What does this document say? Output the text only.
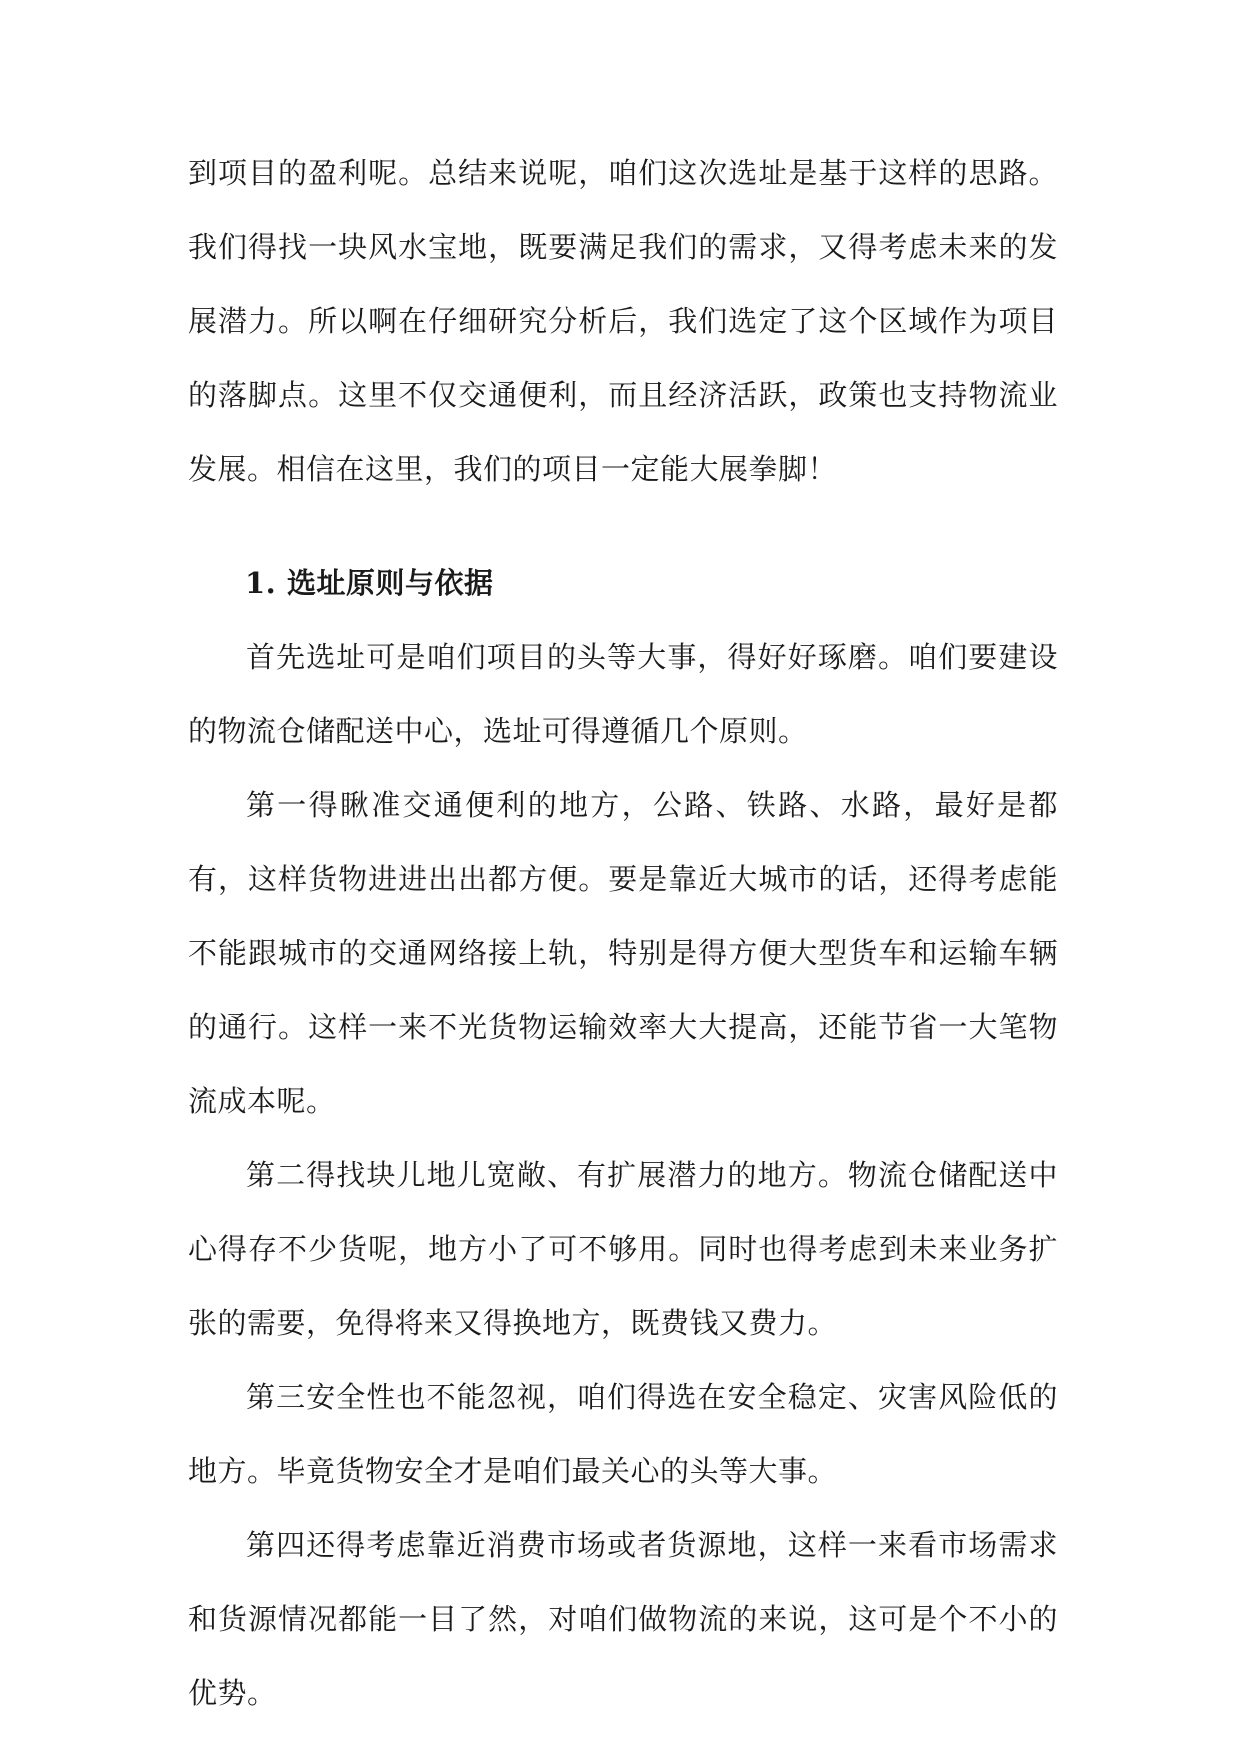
到项目的盈利呢。总结来说呢，咱们这次选址是基于这样的思路。我们得找一块风水宝地，既要满足我们的需求，又得考虑未来的发展潜力。所以啊在仔细研究分析后，我们选定了这个区域作为项目的落脚点。这里不仅交通便利，而且经济活跃，政策也支持物流业发展。相信在这里，我们的项目一定能大展拳脚！

1. 选址原则与依据

首先选址可是咱们项目的头等大事，得好好琢磨。咱们要建设的物流仓储配送中心，选址可得遵循几个原则。

第一得瞅准交通便利的地方，公路、铁路、水路，最好是都有，这样货物进进出出都方便。要是靠近大城市的话，还得考虑能不能跟城市的交通网络接上轨，特别是得方便大型货车和运输车辆的通行。这样一来不光货物运输效率大大提高，还能节省一大笔物流成本呢。

第二得找块儿地儿宽敞、有扩展潜力的地方。物流仓储配送中心得存不少货呢，地方小了可不够用。同时也得考虑到未来业务扩张的需要，免得将来又得换地方，既费钱又费力。

第三安全性也不能忽视，咱们得选在安全稳定、灾害风险低的地方。毕竟货物安全才是咱们最关心的头等大事。

第四还得考虑靠近消费市场或者货源地，这样一来看市场需求和货源情况都能一目了然，对咱们做物流的来说，这可是个不小的优势。
